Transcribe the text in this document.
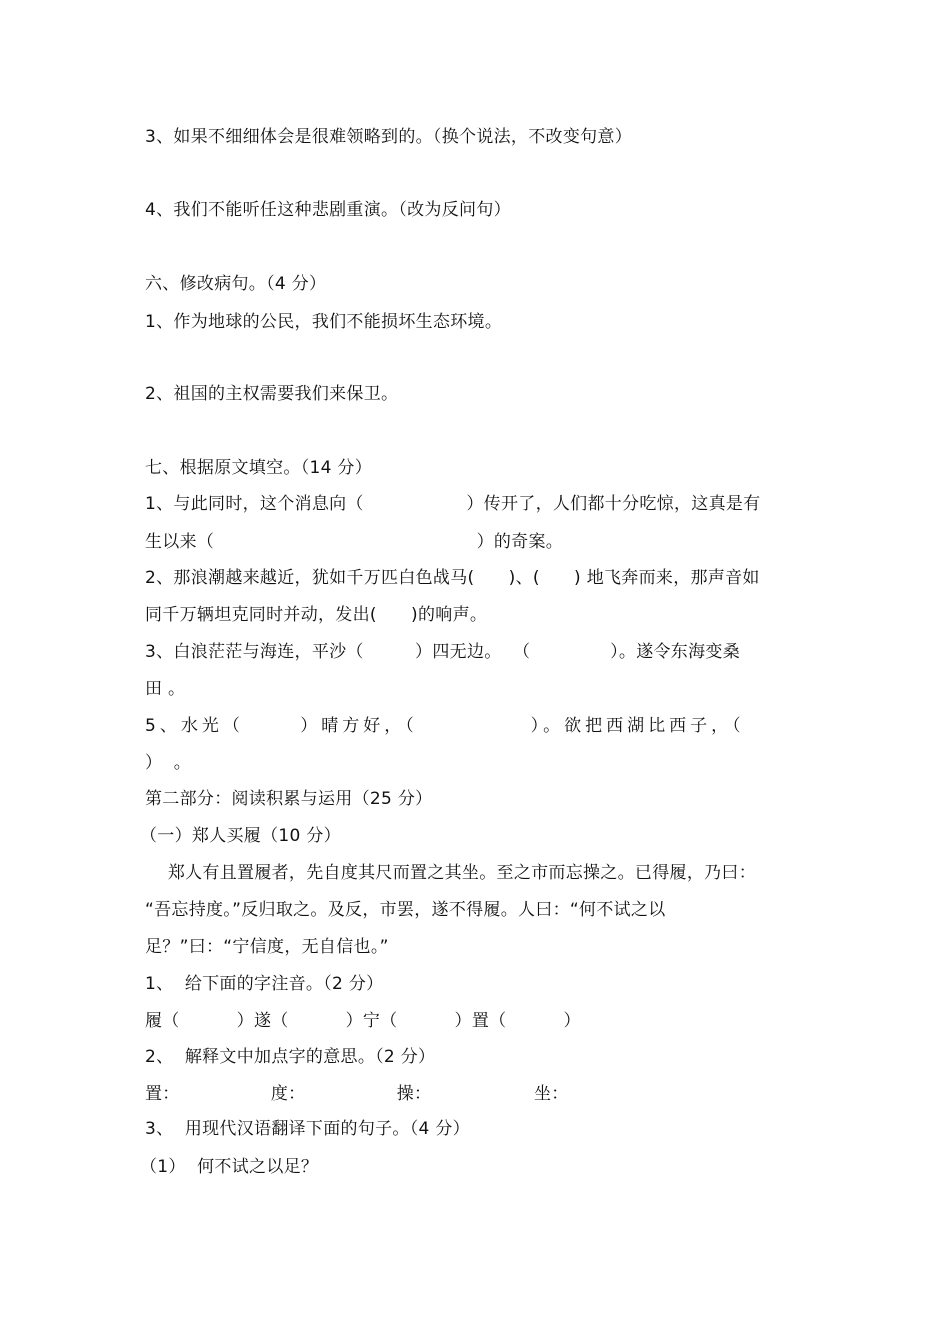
3、如果不细细体会是很难领略到的。（换个说法，不改变句意）
4、我们不能听任这种悲剧重演。（改为反问句）
六、修改病句。（4 分）
1、作为地球的公民，我们不能损坏生态环境。
2、祖国的主权需要我们来保卫。
七、根据原文填空。（14 分）
1、与此同时，这个消息向（                  ）传开了，人们都十分吃惊，这真是有
生以来（                                              ）的奇案。
2、那浪潮越来越近，犹如千万匹白色战马(      )、(      ) 地飞奔而来，那声音如
同千万辆坦克同时并动，发出(      )的响声。
3、白浪茫茫与海连，平沙（         ）四无边。  （              ）。遂令东海变桑
田 。
5、水光（      ）晴方好，（            ）。欲把西湖比西子，（
）  。
第二部分：阅读积累与运用（25 分）
（一）郑人买履（10 分）
郑人有且置履者，先自度其尺而置之其坐。至之市而忘操之。已得履，乃曰：
“吾忘持度。”反归取之。及反，市罢，遂不得履。人曰：“何不试之以
足？”曰：“宁信度，无自信也。”
1、  给下面的字注音。（2 分）
履（          ）遂（          ）宁（          ）置（          ）
2、  解释文中加点字的意思。（2 分）
置：                度：                操：                  坐：
3、  用现代汉语翻译下面的句子。（4 分）
（1）  何不试之以足？
